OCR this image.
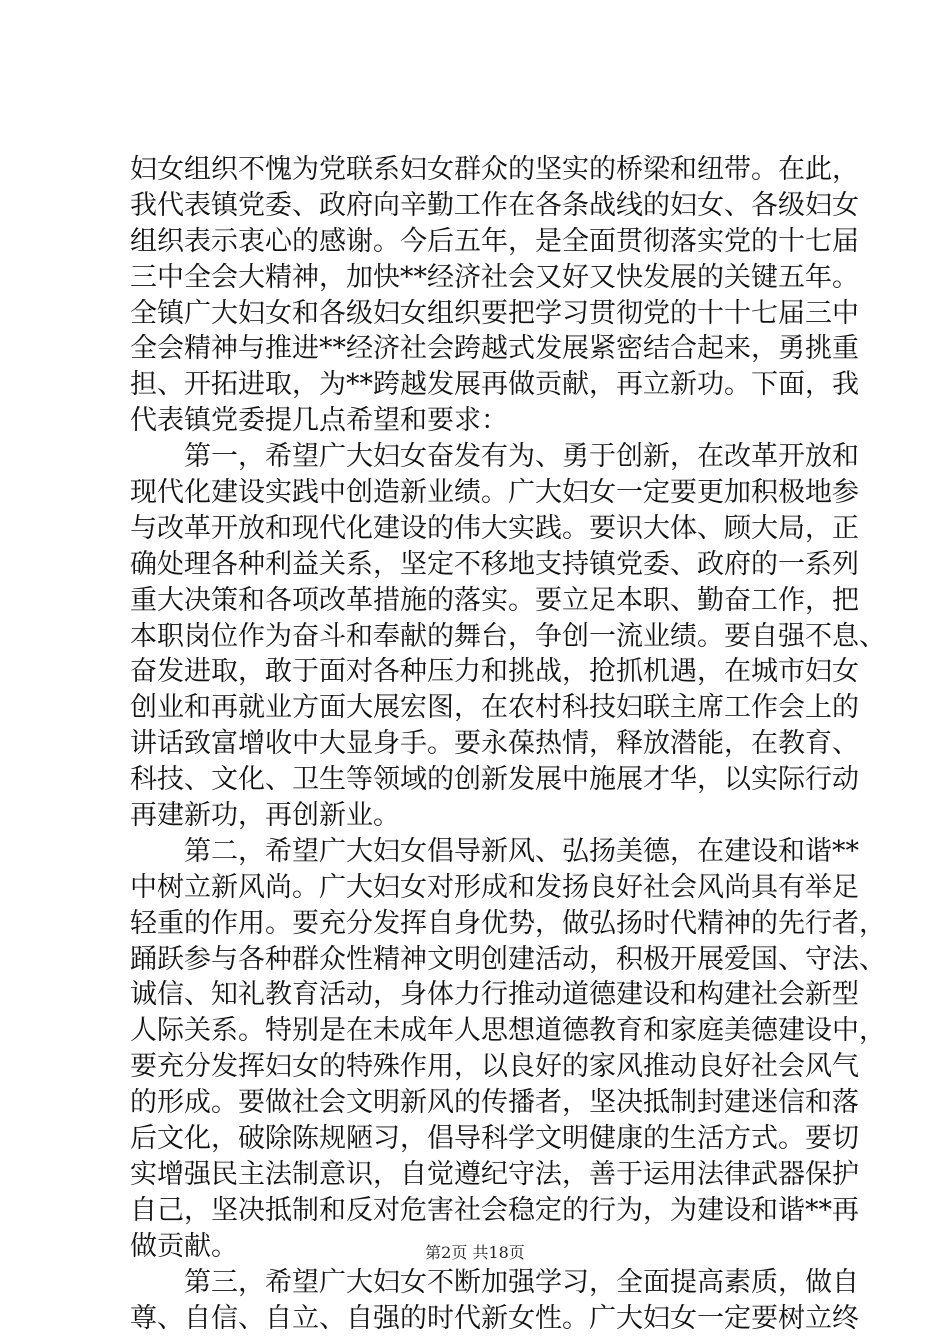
妇女组织不愧为党联系妇女群众的坚实的桥梁和纽带。在此，
我代表镇党委、政府向辛勤工作在各条战线的妇女、各级妇女
组织表示衷心的感谢。今后五年，是全面贯彻落实党的十七届
三中全会大精神，加快**经济社会又好又快发展的关键五年。
全镇广大妇女和各级妇女组织要把学习贯彻党的十十七届三中
全会精神与推进**经济社会跨越式发展紧密结合起来，勇挑重
担、开拓进取，为**跨越发展再做贡献，再立新功。下面，我
代表镇党委提几点希望和要求：
　　第一，希望广大妇女奋发有为、勇于创新，在改革开放和
现代化建设实践中创造新业绩。广大妇女一定要更加积极地参
与改革开放和现代化建设的伟大实践。要识大体、顾大局，正
确处理各种利益关系，坚定不移地支持镇党委、政府的一系列
重大决策和各项改革措施的落实。要立足本职、勤奋工作，把
本职岗位作为奋斗和奉献的舞台，争创一流业绩。要自强不息、
奋发进取，敢于面对各种压力和挑战，抢抓机遇，在城市妇女
创业和再就业方面大展宏图，在农村科技妇联主席工作会上的
讲话致富增收中大显身手。要永葆热情，释放潜能，在教育、
科技、文化、卫生等领域的创新发展中施展才华，以实际行动
再建新功，再创新业。
　　第二，希望广大妇女倡导新风、弘扬美德，在建设和谐**
中树立新风尚。广大妇女对形成和发扬良好社会风尚具有举足
轻重的作用。要充分发挥自身优势，做弘扬时代精神的先行者，
踊跃参与各种群众性精神文明创建活动，积极开展爱国、守法、
诚信、知礼教育活动，身体力行推动道德建设和构建社会新型
人际关系。特别是在未成年人思想道德教育和家庭美德建设中，
要充分发挥妇女的特殊作用，以良好的家风推动良好社会风气
的形成。要做社会文明新风的传播者，坚决抵制封建迷信和落
后文化，破除陈规陋习，倡导科学文明健康的生活方式。要切
实增强民主法制意识，自觉遵纪守法，善于运用法律武器保护
自己，坚决抵制和反对危害社会稳定的行为，为建设和谐**再
做贡献。
　　第三，希望广大妇女不断加强学习，全面提高素质，做自
尊、自信、自立、自强的时代新女性。广大妇女一定要树立终
第2页 共18页
